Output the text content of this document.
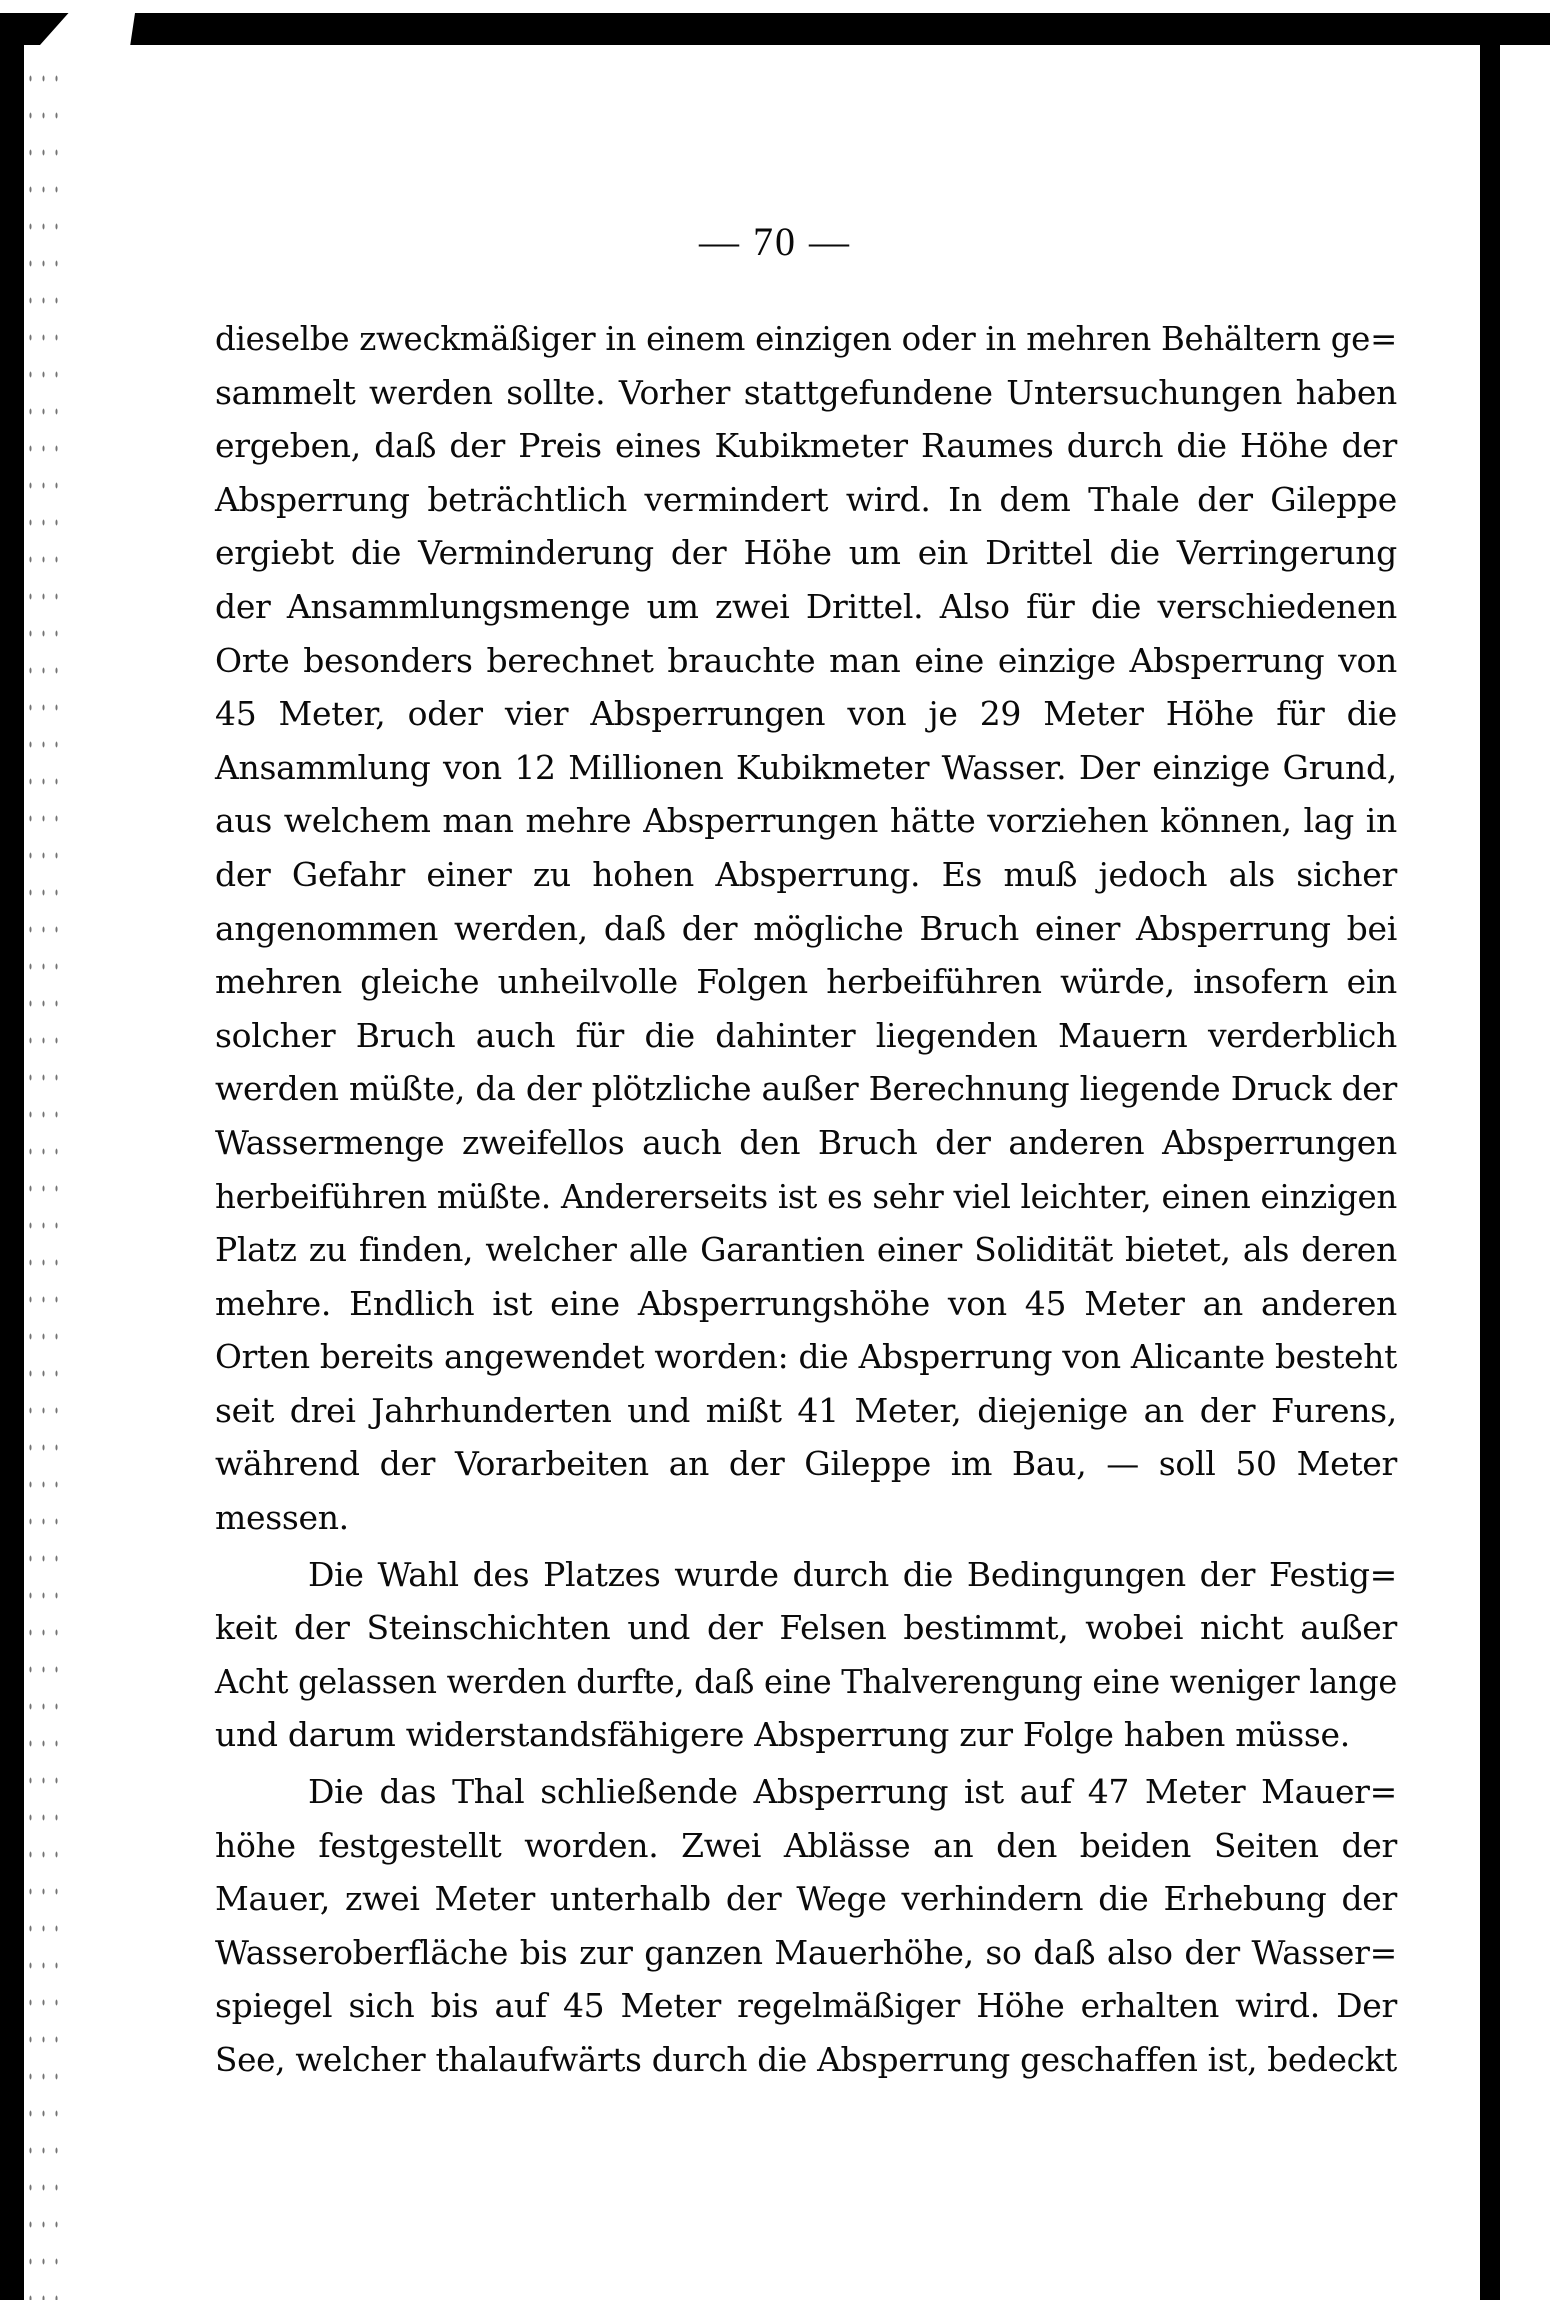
— 70 —
dieselbe zweckmäßiger in einem einzigen oder in mehren Behältern ge=
sammelt werden sollte. Vorher stattgefundene Untersuchungen haben
ergeben, daß der Preis eines Kubikmeter Raumes durch die Höhe der
Absperrung beträchtlich vermindert wird. In dem Thale der Gileppe
ergiebt die Verminderung der Höhe um ein Drittel die Verringerung
der Ansammlungsmenge um zwei Drittel. Also für die verschiedenen
Orte besonders berechnet brauchte man eine einzige Absperrung von
45 Meter, oder vier Absperrungen von je 29 Meter Höhe für die
Ansammlung von 12 Millionen Kubikmeter Wasser. Der einzige Grund,
aus welchem man mehre Absperrungen hätte vorziehen können, lag in
der Gefahr einer zu hohen Absperrung. Es muß jedoch als sicher
angenommen werden, daß der mögliche Bruch einer Absperrung bei
mehren gleiche unheilvolle Folgen herbeiführen würde, insofern ein
solcher Bruch auch für die dahinter liegenden Mauern verderblich
werden müßte, da der plötzliche außer Berechnung liegende Druck der
Wassermenge zweifellos auch den Bruch der anderen Absperrungen
herbeiführen müßte. Andererseits ist es sehr viel leichter, einen einzigen
Platz zu finden, welcher alle Garantien einer Solidität bietet, als deren
mehre. Endlich ist eine Absperrungshöhe von 45 Meter an anderen
Orten bereits angewendet worden: die Absperrung von Alicante besteht
seit drei Jahrhunderten und mißt 41 Meter, diejenige an der Furens,
während der Vorarbeiten an der Gileppe im Bau, — soll 50 Meter
messen.
Die Wahl des Platzes wurde durch die Bedingungen der Festig=
keit der Steinschichten und der Felsen bestimmt, wobei nicht außer
Acht gelassen werden durfte, daß eine Thalverengung eine weniger lange
und darum widerstandsfähigere Absperrung zur Folge haben müsse.
Die das Thal schließende Absperrung ist auf 47 Meter Mauer=
höhe festgestellt worden. Zwei Ablässe an den beiden Seiten der
Mauer, zwei Meter unterhalb der Wege verhindern die Erhebung der
Wasseroberfläche bis zur ganzen Mauerhöhe, so daß also der Wasser=
spiegel sich bis auf 45 Meter regelmäßiger Höhe erhalten wird. Der
See, welcher thalaufwärts durch die Absperrung geschaffen ist, bedeckt
